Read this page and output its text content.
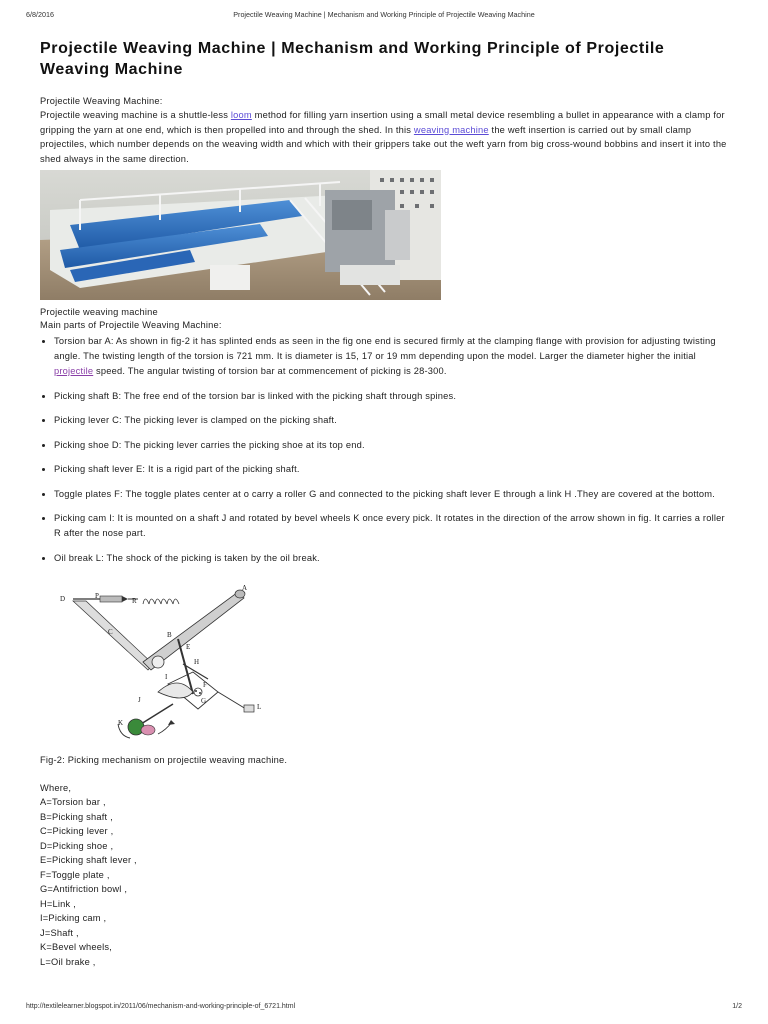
6/8/2016	Projectile Weaving Machine | Mechanism and Working Principle of Projectile Weaving Machine
Projectile Weaving Machine | Mechanism and Working Principle of Projectile Weaving Machine
Projectile Weaving Machine:

Projectile weaving machine is a shuttle-less loom method for filling yarn insertion using a small metal device resembling a bullet in appearance with a clamp for gripping the yarn at one end, which is then propelled into and through the shed. In this weaving machine the weft insertion is carried out by small clamp projectiles, which number depends on the weaving width and which with their grippers take out the weft yarn from big cross-wound bobbins and insert it into the shed always in the same direction.

Projectile weaving machine
Main parts of Projectile Weaving Machine:
• Torsion bar A: As shown in fig-2 it has splinted ends as seen in the fig one end is secured firmly at the clamping flange with provision for adjusting twisting angle. The twisting length of the torsion is 721 mm. It is diameter is 15, 17 or 19 mm depending upon the model. Larger the diameter higher the initial projectile speed. The angular twisting of torsion bar at commencement of picking is 28-300.
• Picking shaft B: The free end of the torsion bar is linked with the picking shaft through spines.
• Picking lever C: The picking lever is clamped on the picking shaft.
• Picking shoe D: The picking lever carries the picking shoe at its top end.
• Picking shaft lever E: It is a rigid part of the picking shaft.
• Toggle plates F: The toggle plates center at o carry a roller G and connected to the picking shaft lever E through a link H .They are covered at the bottom.
• Picking cam I: It is mounted on a shaft J and rotated by bevel wheels K once every pick. It rotates in the direction of the arrow shown in fig. It carries a roller R after the nose part.
• Oil break L: The shock of the picking is taken by the oil break.
A
B
C
D
E
F
G
H
I
J
K
L
P
R
Fig-2: Picking mechanism on projectile weaving machine.
Where,
A=Torsion bar ,
B=Picking shaft ,
C=Picking lever ,
D=Picking shoe ,
E=Picking shaft lever ,
F=Toggle plate ,
G=Antifriction bowl ,
H=Link ,
I=Picking cam ,
J=Shaft ,
K=Bevel wheels,
L=Oil brake ,
http://textilelearner.blogspot.in/2011/06/mechanism-and-working-principle-of_6721.html	1/2
